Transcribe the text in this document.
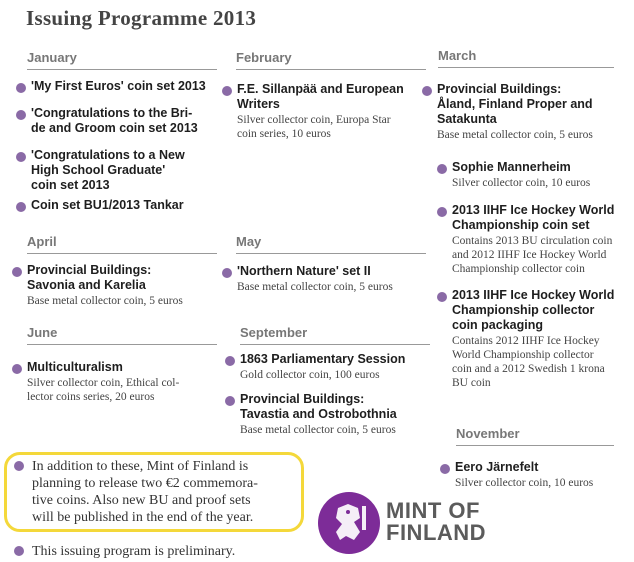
Issuing Programme 2013
January	February	March
April	May
June	September
November
'My First Euros' coin set 2013
'Congratulations to the Bri-
de and Groom coin set 2013
'Congratulations to a New
High School Graduate'
coin set 2013
Coin set BU1/2013 Tankar
F.E. Sillanpää and European
Writers
Silver collector coin, Europa Star
coin series, 10 euros
Provincial Buildings:
Åland, Finland Proper and
Satakunta
Base metal collector coin, 5 euros
Sophie Mannerheim
Silver collector coin, 10 euros
2013 IIHF Ice Hockey World
Championship coin set
Contains 2013 BU circulation coin
and 2012 IIHF Ice Hockey World
Championship collector coin
2013 IIHF Ice Hockey World
Championship collector
coin packaging
Contains 2012 IIHF Ice Hockey
World Championship collector
coin and a 2012 Swedish 1 krona
BU coin
Provincial Buildings:
Savonia and Karelia
Base metal collector coin, 5 euros
'Northern Nature' set II
Base metal collector coin, 5 euros
Multiculturalism
Silver collector coin, Ethical col-
lector coins series, 20 euros
1863 Parliamentary Session
Gold collector coin, 100 euros
Provincial Buildings:
Tavastia and Ostrobothnia
Base metal collector coin, 5 euros
Eero Järnefelt
Silver collector coin, 10 euros
In addition to these, Mint of Finland is
planning to release two €2 commemora-
tive coins. Also new BU and proof sets
will be published in the end of the year.
This issuing program is preliminary.
MINT OF
FINLAND
